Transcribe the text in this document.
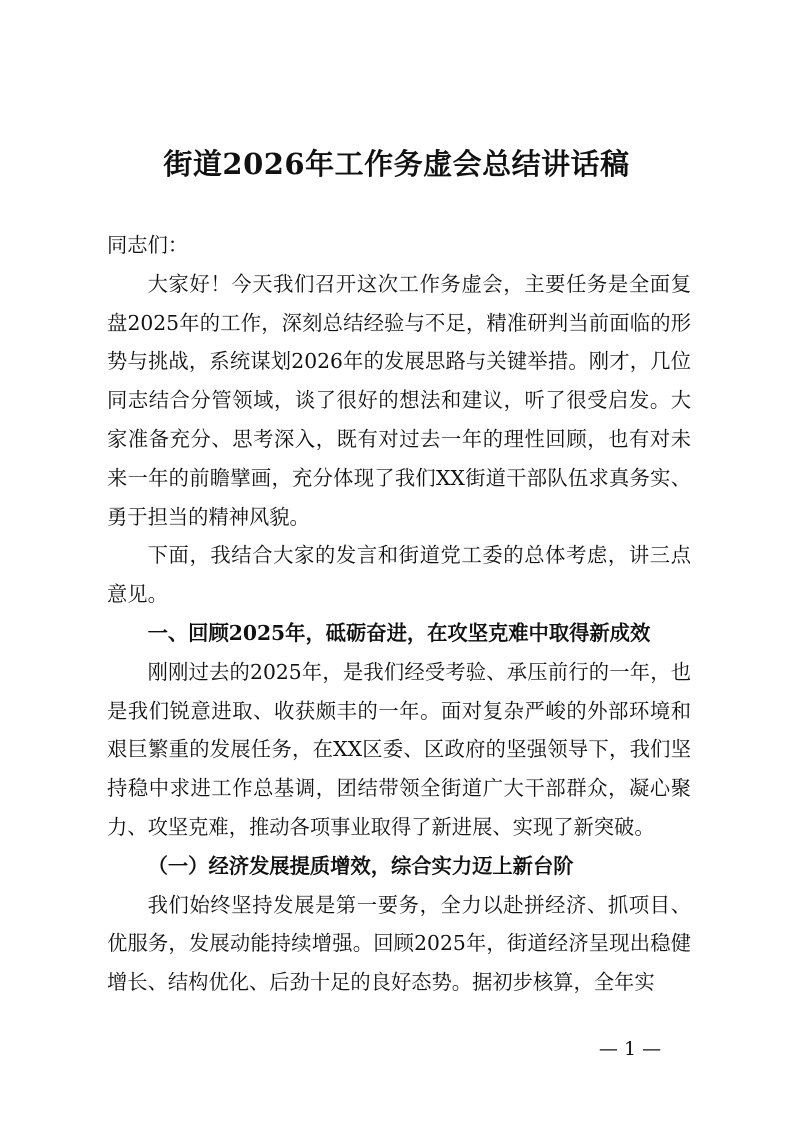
街道2026年工作务虚会总结讲话稿

同志们：

大家好！今天我们召开这次工作务虚会，主要任务是全面复盘2025年的工作，深刻总结经验与不足，精准研判当前面临的形势与挑战，系统谋划2026年的发展思路与关键举措。刚才，几位同志结合分管领域，谈了很好的想法和建议，听了很受启发。大家准备充分、思考深入，既有对过去一年的理性回顾，也有对未来一年的前瞻擘画，充分体现了我们XX街道干部队伍求真务实、勇于担当的精神风貌。

下面，我结合大家的发言和街道党工委的总体考虑，讲三点意见。

一、回顾2025年，砥砺奋进，在攻坚克难中取得新成效

刚刚过去的2025年，是我们经受考验、承压前行的一年，也是我们锐意进取、收获颇丰的一年。面对复杂严峻的外部环境和艰巨繁重的发展任务，在XX区委、区政府的坚强领导下，我们坚持稳中求进工作总基调，团结带领全街道广大干部群众，凝心聚力、攻坚克难，推动各项事业取得了新进展、实现了新突破。

（一）经济发展提质增效，综合实力迈上新台阶

我们始终坚持发展是第一要务，全力以赴拼经济、抓项目、优服务，发展动能持续增强。回顾2025年，街道经济呈现出稳健增长、结构优化、后劲十足的良好态势。据初步核算，全年实

— 1 —
